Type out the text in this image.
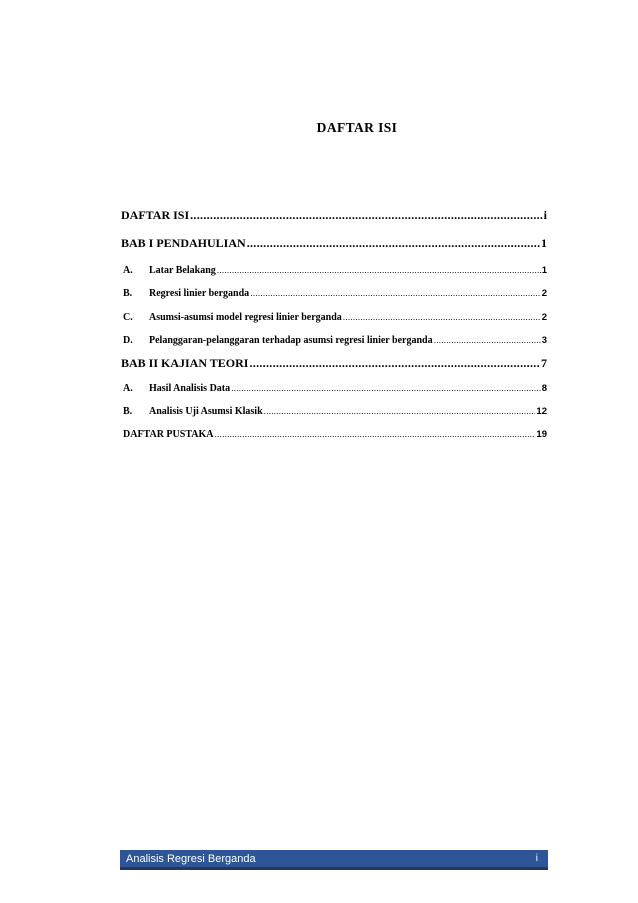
DAFTAR ISI
DAFTAR ISI .....	i
BAB I PENDAHULIAN .....	1
A.	Latar Belakang .....	1
B.	Regresi linier berganda .....	2
C.	Asumsi-asumsi model regresi linier berganda .....	2
D.	Pelanggaran-pelanggaran terhadap asumsi regresi linier berganda .....	3
BAB II KAJIAN TEORI .....	7
A.	Hasil Analisis Data .....	8
B.	Analisis Uji Asumsi Klasik .....	12
DAFTAR PUSTAKA .....	19
Analisis Regresi Berganda	i
